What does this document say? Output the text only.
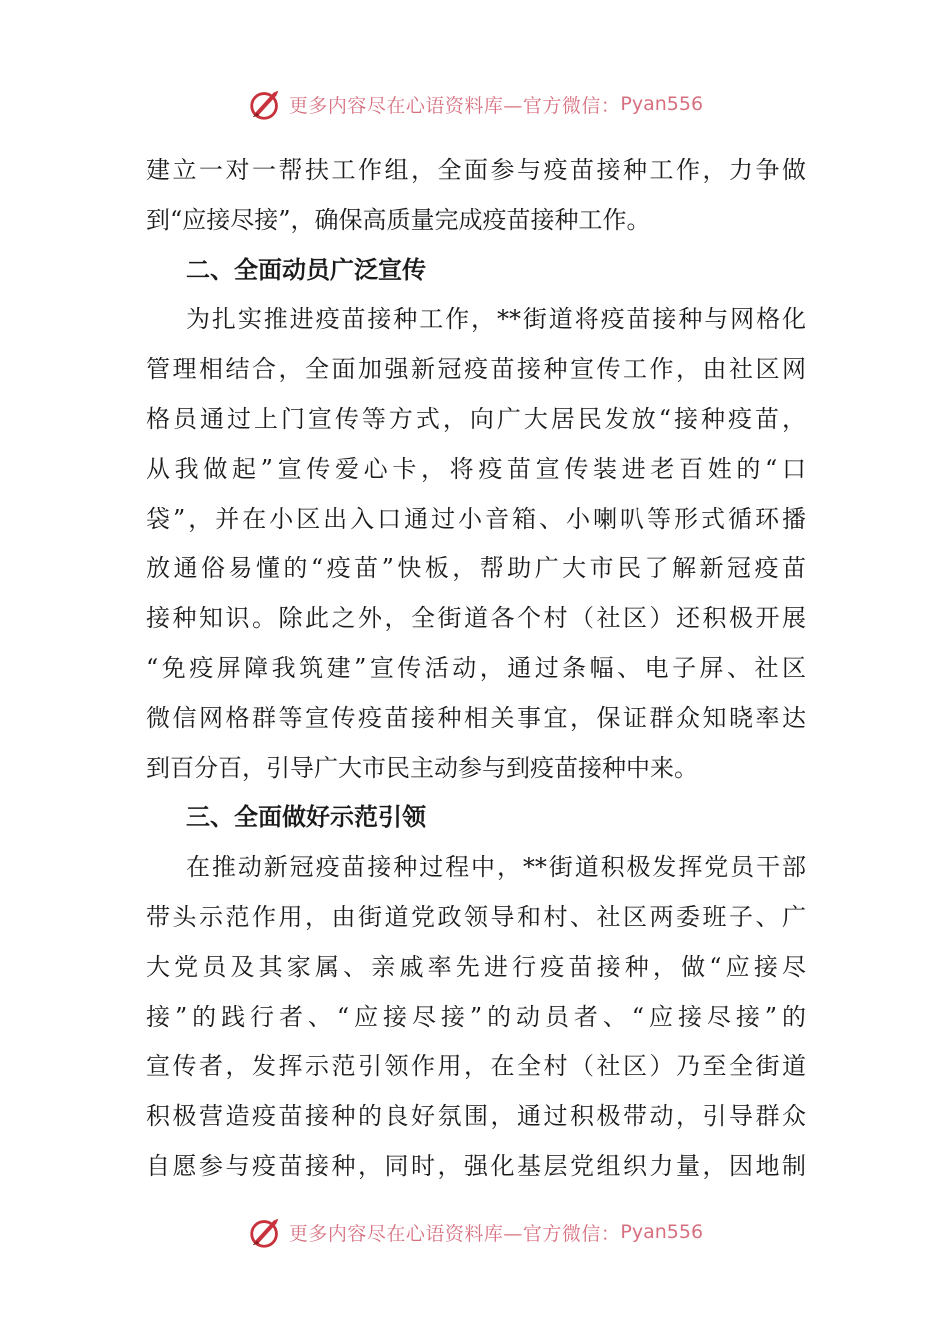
更多内容尽在心语资料库—官方微信： Pyan556
建立一对一帮扶工作组，全面参与疫苗接种工作，力争做
到“应接尽接”，确保高质量完成疫苗接种工作。
二、全面动员广泛宣传
为扎实推进疫苗接种工作，**街道将疫苗接种与网格化
管理相结合，全面加强新冠疫苗接种宣传工作，由社区网
格员通过上门宣传等方式，向广大居民发放“接种疫苗，
从我做起”宣传爱心卡，将疫苗宣传装进老百姓的“口
袋”，并在小区出入口通过小音箱、小喇叭等形式循环播
放通俗易懂的“疫苗”快板，帮助广大市民了解新冠疫苗
接种知识。除此之外，全街道各个村（社区）还积极开展
“免疫屏障我筑建”宣传活动，通过条幅、电子屏、社区
微信网格群等宣传疫苗接种相关事宜，保证群众知晓率达
到百分百，引导广大市民主动参与到疫苗接种中来。
三、全面做好示范引领
在推动新冠疫苗接种过程中，**街道积极发挥党员干部
带头示范作用，由街道党政领导和村、社区两委班子、广
大党员及其家属、亲戚率先进行疫苗接种，做“应接尽
接”的践行者、“应接尽接”的动员者、“应接尽接”的
宣传者，发挥示范引领作用，在全村（社区）乃至全街道
积极营造疫苗接种的良好氛围，通过积极带动，引导群众
自愿参与疫苗接种，同时，强化基层党组织力量，因地制
更多内容尽在心语资料库—官方微信： Pyan556
